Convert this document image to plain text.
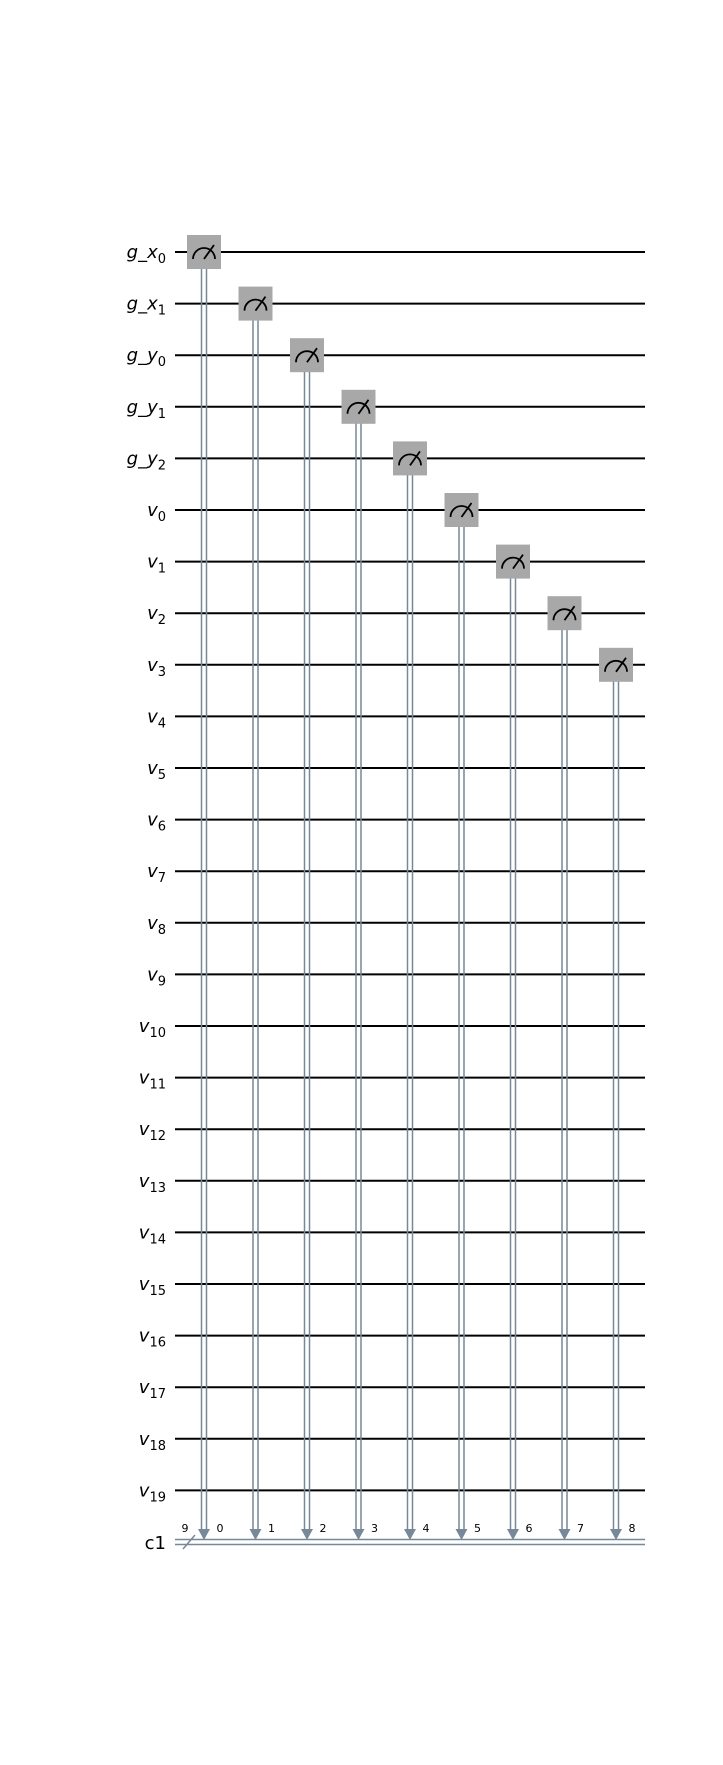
$g\_x_0$
$g\_x_1$
$g\_y_0$
$g\_y_1$
$g\_y_2$
$v_0$
$v_1$
$v_2$
$v_3$
$v_4$
$v_5$
$v_6$
$v_7$
$v_8$
$v_9$
$v_{10}$
$v_{11}$
$v_{12}$
$v_{13}$
$v_{14}$
$v_{15}$
$v_{16}$
$v_{17}$
$v_{18}$
$v_{19}$
c1
9	0	1	2	3	4	5	6	7	8
